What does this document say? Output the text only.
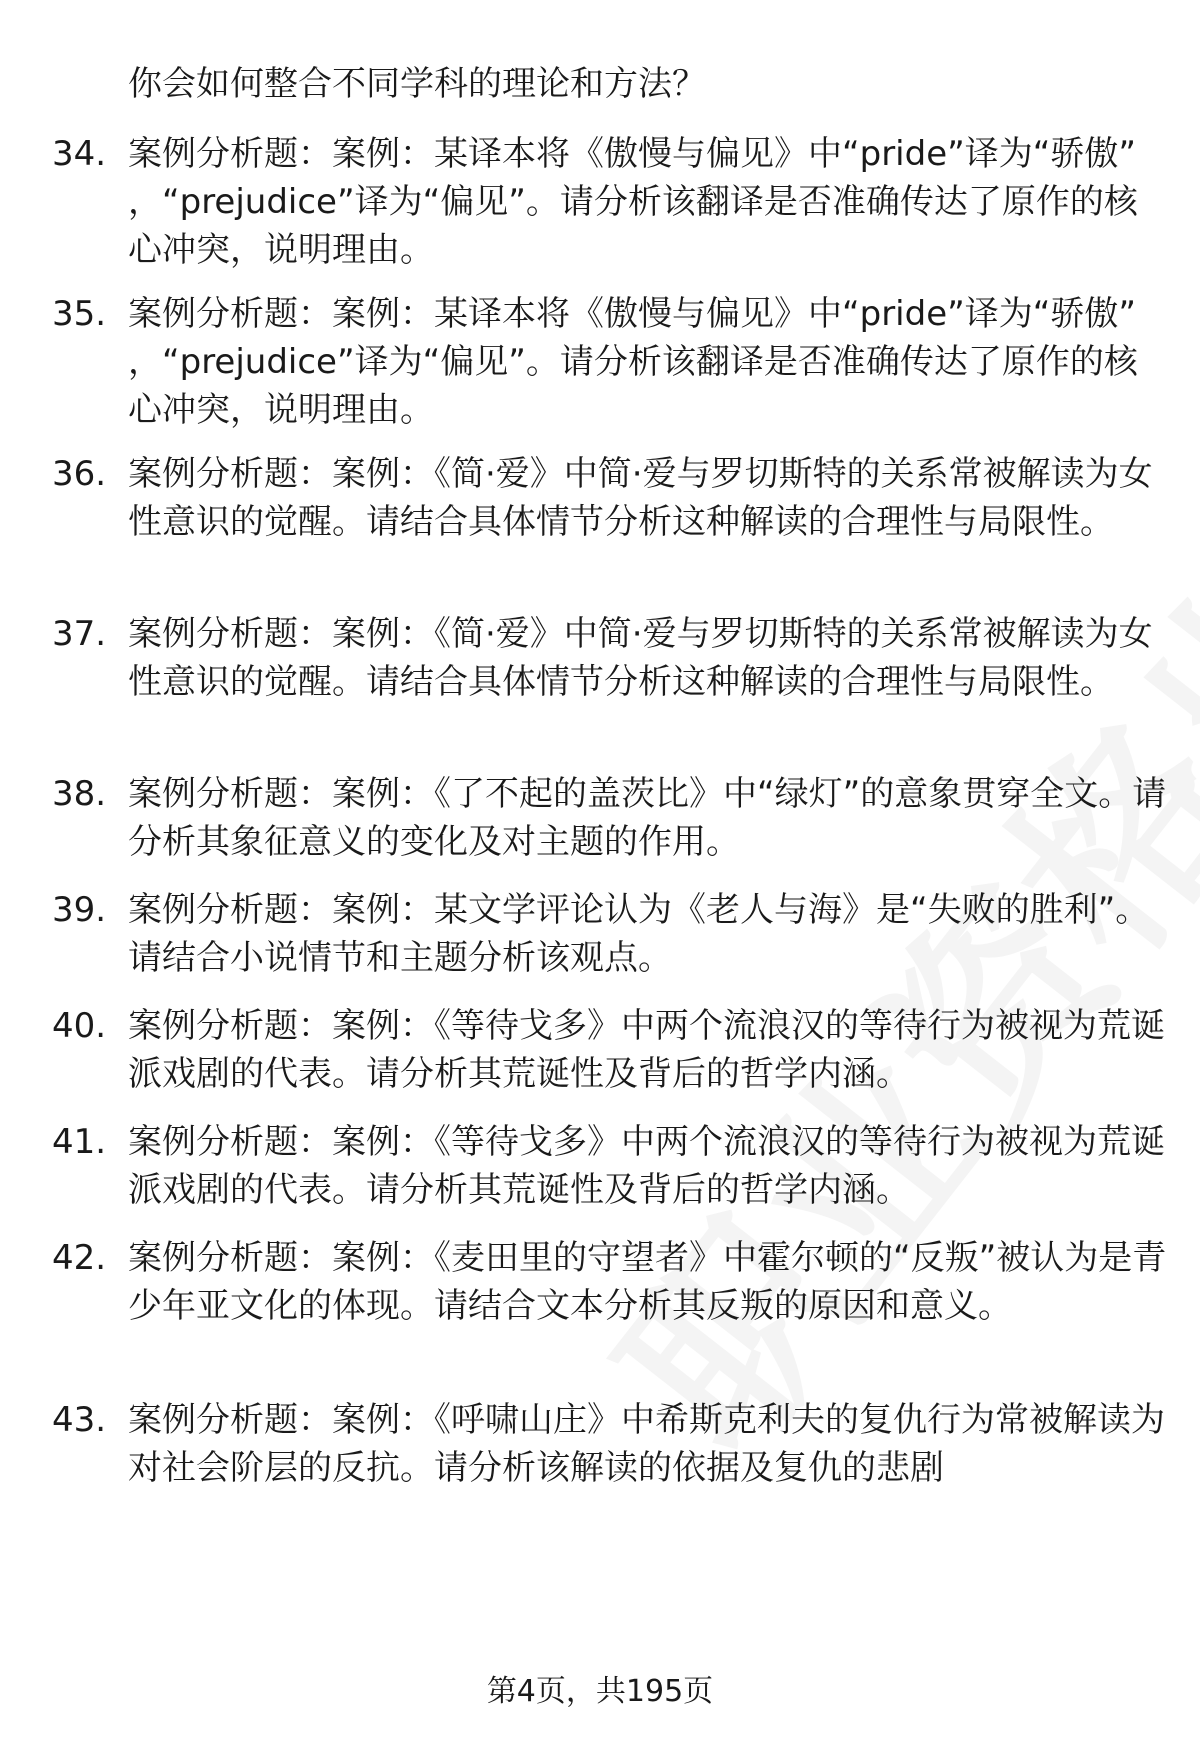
你会如何整合不同学科的理论和方法？
34. 案例分析题：案例：某译本将《傲慢与偏见》中“pride”译为“骄傲”，“prejudice”译为“偏见”。请分析该翻译是否准确传达了原作的核心冲突，说明理由。
35. 案例分析题：案例：某译本将《傲慢与偏见》中“pride”译为“骄傲”，“prejudice”译为“偏见”。请分析该翻译是否准确传达了原作的核心冲突，说明理由。
36. 案例分析题：案例：《简·爱》中简·爱与罗切斯特的关系常被解读为女性意识的觉醒。请结合具体情节分析这种解读的合理性与局限性。
37. 案例分析题：案例：《简·爱》中简·爱与罗切斯特的关系常被解读为女性意识的觉醒。请结合具体情节分析这种解读的合理性与局限性。
38. 案例分析题：案例：《了不起的盖茨比》中“绿灯”的意象贯穿全文。请分析其象征意义的变化及对主题的作用。
39. 案例分析题：案例：某文学评论认为《老人与海》是“失败的胜利”。请结合小说情节和主题分析该观点。
40. 案例分析题：案例：《等待戈多》中两个流浪汉的等待行为被视为荒诞派戏剧的代表。请分析其荒诞性及背后的哲学内涵。
41. 案例分析题：案例：《等待戈多》中两个流浪汉的等待行为被视为荒诞派戏剧的代表。请分析其荒诞性及背后的哲学内涵。
42. 案例分析题：案例：《麦田里的守望者》中霍尔顿的“反叛”被认为是青少年亚文化的体现。请结合文本分析其反叛的原因和意义。
43. 案例分析题：案例：《呼啸山庄》中希斯克利夫的复仇行为常被解读为对社会阶层的反抗。请分析该解读的依据及复仇的悲剧
第4页，共195页
